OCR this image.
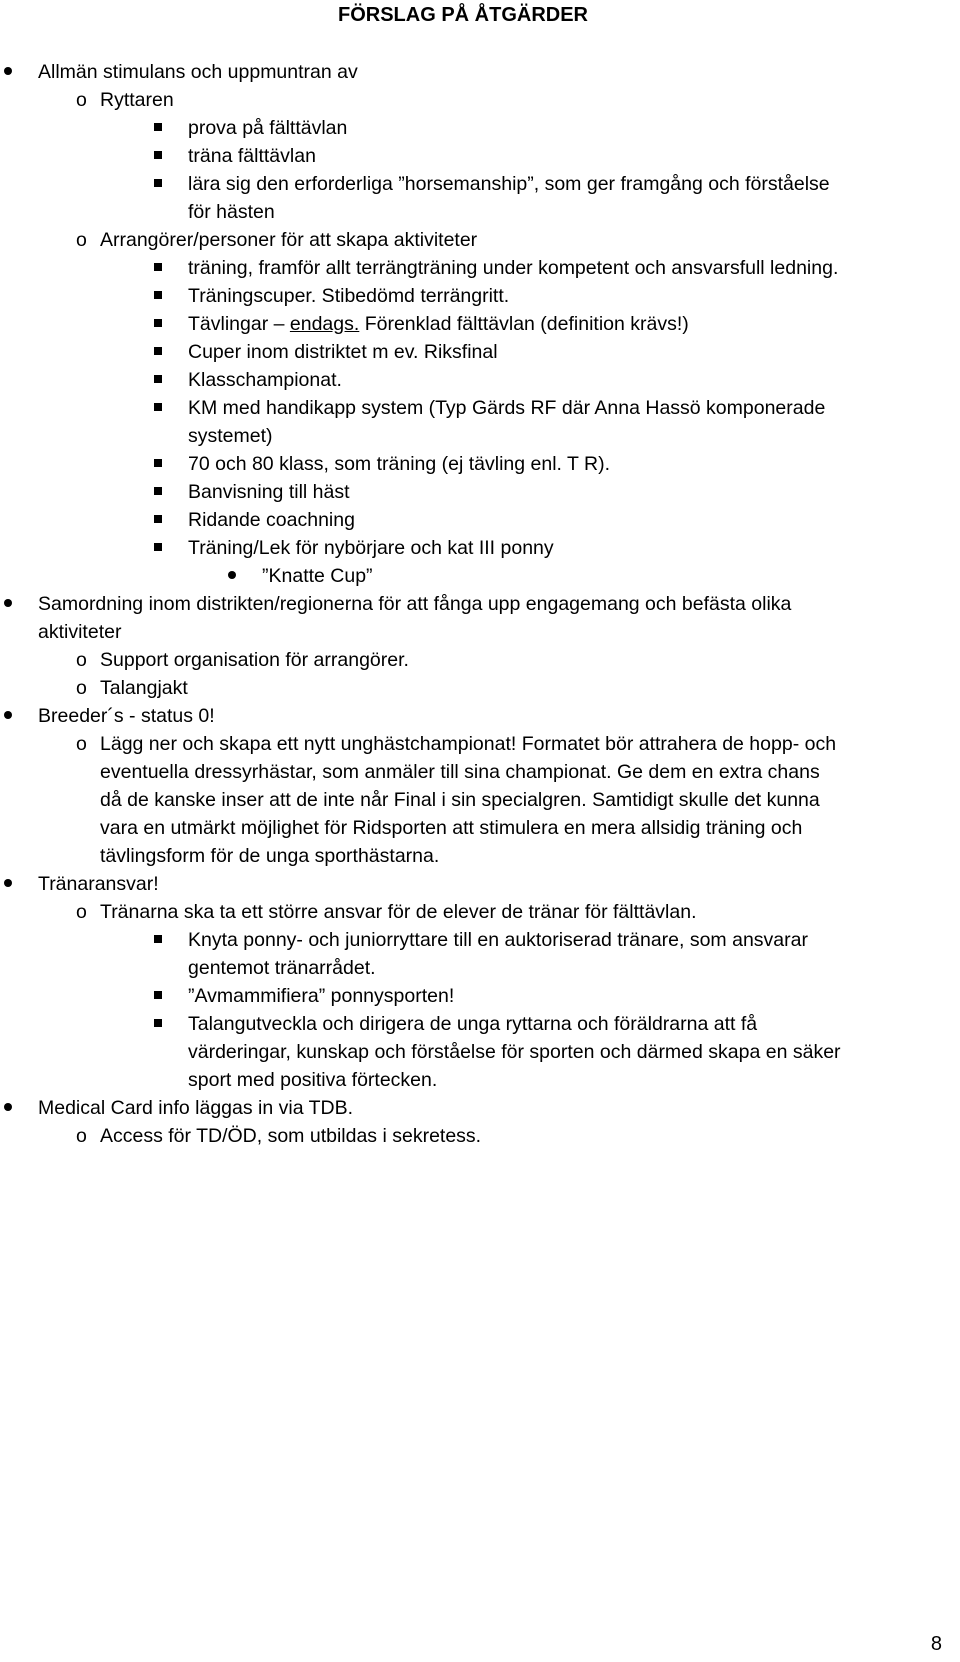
FÖRSLAG PÅ ÅTGÄRDER
Allmän stimulans och uppmuntran av
o Ryttaren
prova på fälttävlan
träna fälttävlan
lära sig den erforderliga ”horsemanship”, som ger framgång och förståelse
för hästen
o Arrangörer/personer för att skapa aktiviteter
träning, framför allt terrängträning under kompetent och ansvarsfull ledning.
Träningscuper. Stibedömd terrängritt.
Tävlingar – endags. Förenklad fälttävlan (definition krävs!)
Cuper inom distriktet m ev. Riksfinal
Klasschampionat.
KM med handikapp system (Typ Gärds RF där Anna Hassö komponerade
systemet)
70 och 80 klass, som träning (ej tävling enl. T R).
Banvisning till häst
Ridande coachning
Träning/Lek för nybörjare och kat III ponny
”Knatte Cup”
Samordning inom distrikten/regionerna för att fånga upp engagemang och befästa olika
aktiviteter
o Support organisation för arrangörer.
o Talangjakt
Breeder´s - status 0!
o Lägg ner och skapa ett nytt unghästchampionat! Formatet bör attrahera de hopp- och
eventuella dressyrhästar, som anmäler till sina championat. Ge dem en extra chans
då de kanske inser att de inte når Final i sin specialgren. Samtidigt skulle det kunna
vara en utmärkt möjlighet för Ridsporten att stimulera en mera allsidig träning och
tävlingsform för de unga sporthästarna.
Tränaransvar!
o Tränarna ska ta ett större ansvar för de elever de tränar för fälttävlan.
Knyta ponny- och juniorryttare till en auktoriserad tränare, som ansvarar
gentemot tränarrådet.
”Avmammifiera” ponnysporten!
Talangutveckla och dirigera de unga ryttarna och föräldrarna att få
värderingar, kunskap och förståelse för sporten och därmed skapa en säker
sport med positiva förtecken.
Medical Card info läggas in via TDB.
o Access för TD/ÖD, som utbildas i sekretess.
8
